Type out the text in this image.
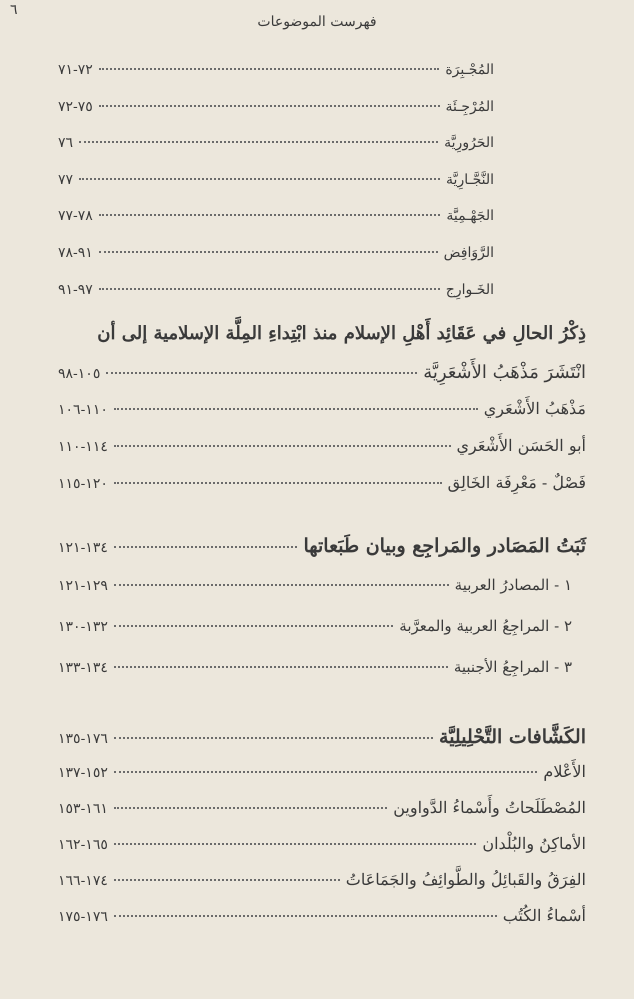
٦
فهرست الموضوعات
المُجْـبِرَة
٧٢-٧١
المُرْجِـئَة
٧٥-٧٢
الحَرُورِيَّة
٧٦
النَّجَّـارِيَّة
٧٧
الجَهْـمِيَّة
٧٨-٧٧
الرَّوَافِض
٩١-٧٨
الخَـوارِج
٩٧-٩١
ذِكْرُ الحالِ في عَقَائِد أَهْلِ الإسلام منذ ابْتِداءِ المِلَّة الإسلامية إلى أن
انْتَشَرَ مَذْهَبُ الأَشْعَرِيَّة
١٠٥-٩٨
مَذْهَبُ الأَشْعَري
١١٠-١٠٦
أبو الحَسَن الأَشْعَري
١١٤-١١٠
فَصْلٌ - مَعْرِفَة الخَالِق
١٢٠-١١٥
ثَبَتُ المَصَادر والمَراجِع وبيان طَبَعاتها
١٣٤-١٢١
١ - المصادرُ العربية
١٢٩-١٢١
٢ - المراجِعُ العربية والمعرَّبة
١٣٢-١٣٠
٣ - المراجِعُ الأجنبية
١٣٤-١٣٣
الكَشَّافات التَّحْلِيلِيَّة
١٧٦-١٣٥
الأَعْلام
١٥٢-١٣٧
المُصْطَلَحاتُ وأَسْماءُ الدَّواوين
١٦١-١٥٣
الأماكِنُ والبُلْدان
١٦٥-١٦٢
الفِرَقُ والقَبائِلُ والطَّوائِفُ والجَمَاعَاتُ
١٧٤-١٦٦
أسْماءُ الكُتُب
١٧٦-١٧٥
